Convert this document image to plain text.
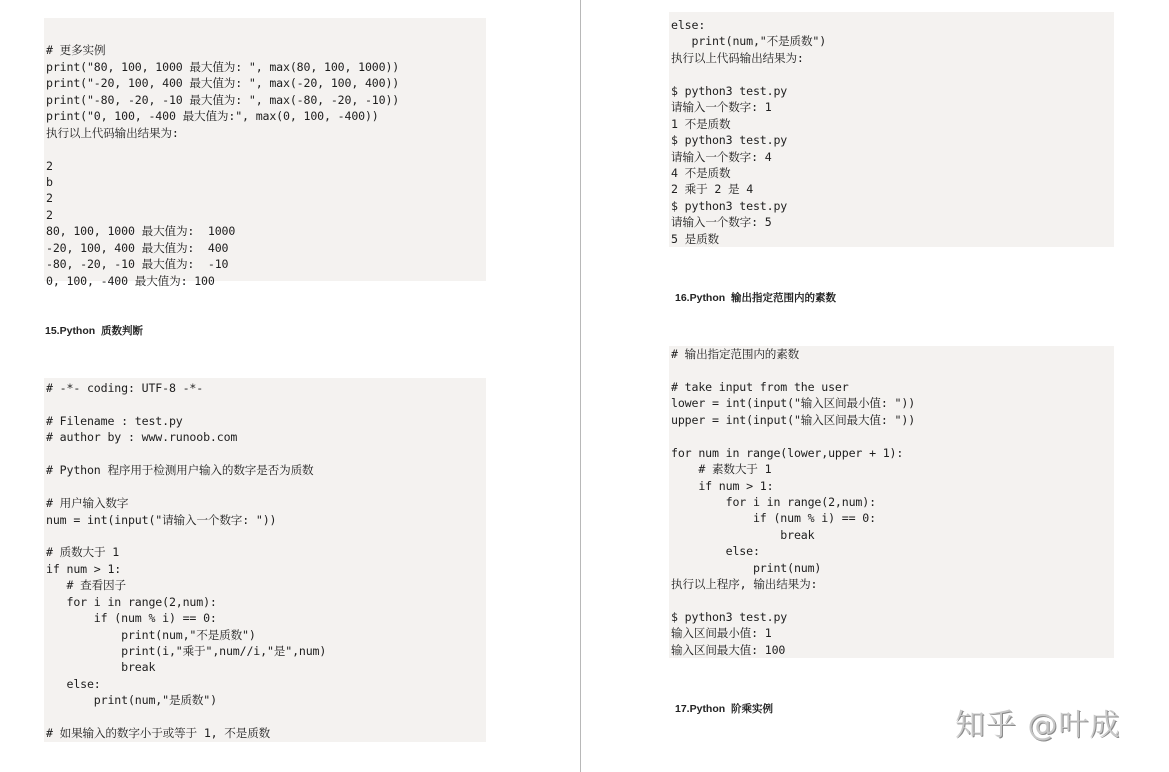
# 更多实例
print("80, 100, 1000 最大值为: ", max(80, 100, 1000))
print("-20, 100, 400 最大值为: ", max(-20, 100, 400))
print("-80, -20, -10 最大值为: ", max(-80, -20, -10))
print("0, 100, -400 最大值为:", max(0, 100, -400))
执行以上代码输出结果为:
2
b
2
2
80, 100, 1000 最大值为:  1000
-20, 100, 400 最大值为:  400
-80, -20, -10 最大值为:  -10
0, 100, -400 最大值为: 100
15.Python  质数判断
# -*- coding: UTF-8 -*-
# Filename : test.py
# author by : www.runoob.com
# Python 程序用于检测用户输入的数字是否为质数
# 用户输入数字
num = int(input("请输入一个数字: "))
# 质数大于 1
if num > 1:
# 查看因子
for i in range(2,num):
if (num % i) == 0:
print(num,"不是质数")
print(i,"乘于",num//i,"是",num)
break
else:
print(num,"是质数")
# 如果输入的数字小于或等于 1, 不是质数
else:
print(num,"不是质数")
执行以上代码输出结果为:
$ python3 test.py
请输入一个数字: 1
1 不是质数
$ python3 test.py
请输入一个数字: 4
4 不是质数
2 乘于 2 是 4
$ python3 test.py
请输入一个数字: 5
5 是质数
16.Python  输出指定范围内的素数
# 输出指定范围内的素数
# take input from the user
lower = int(input("输入区间最小值: "))
upper = int(input("输入区间最大值: "))
for num in range(lower,upper + 1):
# 素数大于 1
if num > 1:
for i in range(2,num):
if (num % i) == 0:
break
else:
print(num)
执行以上程序, 输出结果为:
$ python3 test.py
输入区间最小值: 1
输入区间最大值: 100
17.Python  阶乘实例	知乎 @叶成
